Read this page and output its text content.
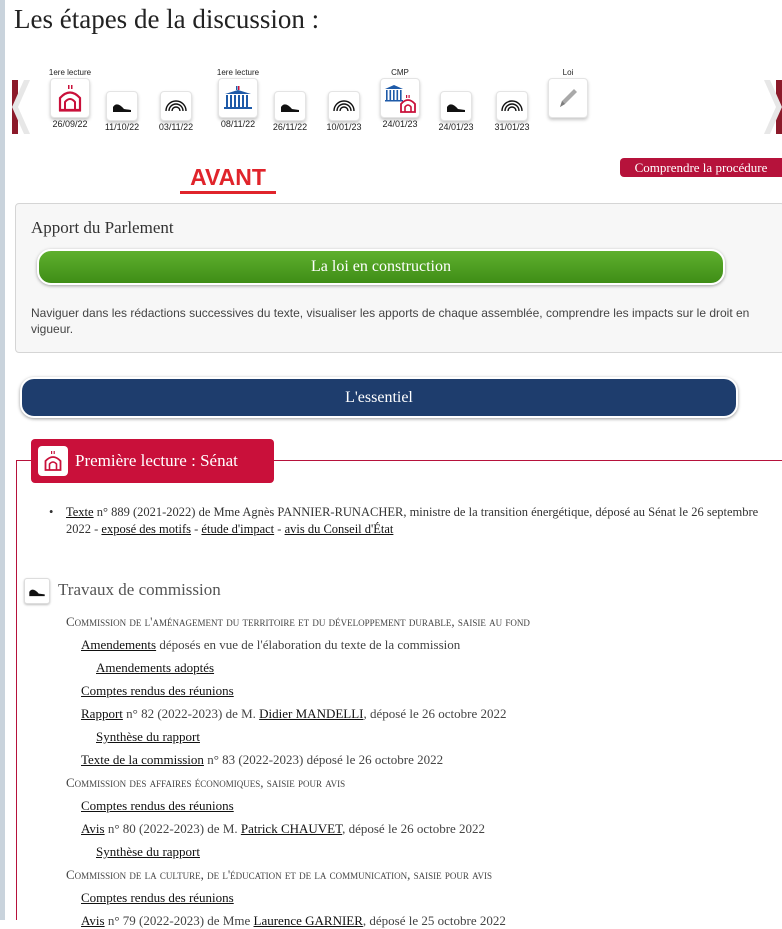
Les étapes de la discussion :
1ere lecture
26/09/22	11/10/22	03/11/22
1ere lecture
08/11/22	26/11/22	10/01/23
CMP
24/01/23	24/01/23	31/01/23
Loi
Comprendre la procédure
AVANT
Apport du Parlement
La loi en construction

Naviguer dans les rédactions successives du texte, visualiser les apports de chaque assemblée, comprendre les impacts sur le droit en vigueur.

L'essentiel
Première lecture : Sénat
• Texte n° 889 (2021-2022) de Mme Agnès PANNIER-RUNACHER, ministre de la transition énergétique, déposé au Sénat le 26 septembre 2022 - exposé des motifs - étude d'impact - avis du Conseil d'État
Travaux de commission
Commission de l'aménagement du territoire et du développement durable, saisie au fond
Amendements déposés en vue de l'élaboration du texte de la commission
Amendements adoptés
Comptes rendus des réunions
Rapport n° 82 (2022-2023) de M. Didier MANDELLI, déposé le 26 octobre 2022
Synthèse du rapport
Texte de la commission n° 83 (2022-2023) déposé le 26 octobre 2022
Commission des affaires économiques, saisie pour avis
Comptes rendus des réunions
Avis n° 80 (2022-2023) de M. Patrick CHAUVET, déposé le 26 octobre 2022
Synthèse du rapport
Commission de la culture, de l'éducation et de la communication, saisie pour avis
Comptes rendus des réunions
Avis n° 79 (2022-2023) de Mme Laurence GARNIER, déposé le 25 octobre 2022
